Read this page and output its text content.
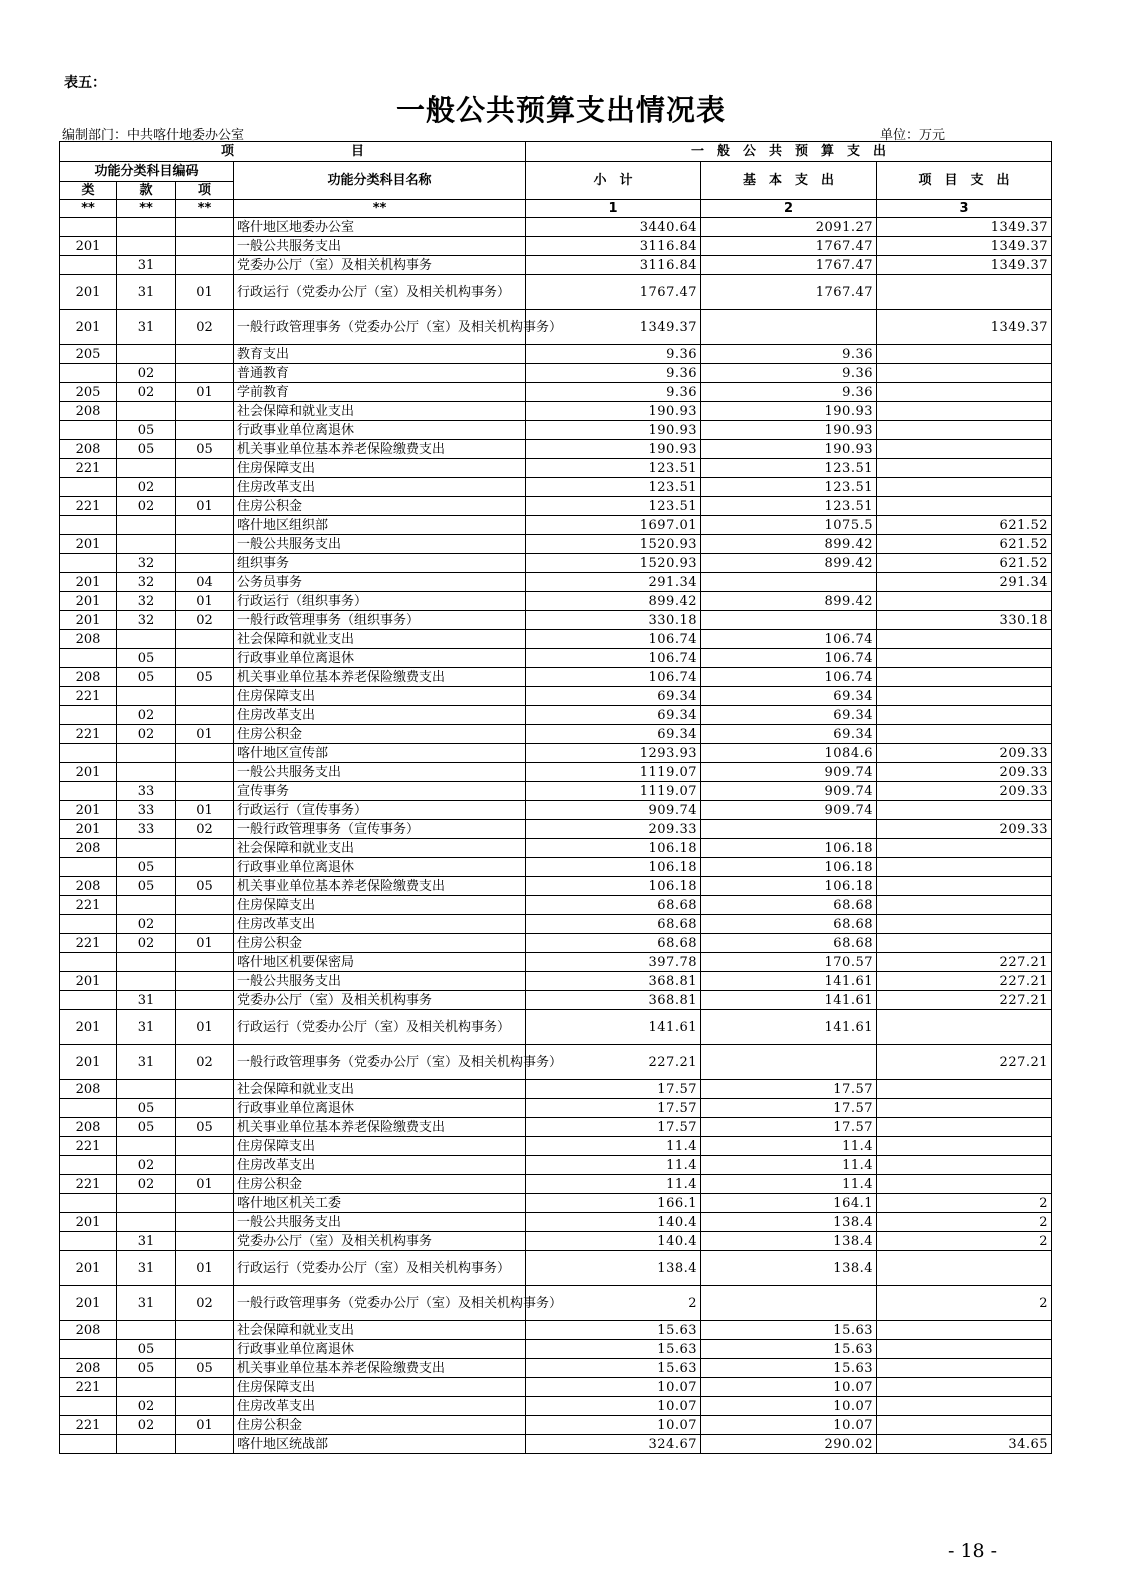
表五：
一般公共预算支出情况表
编制部门：中共喀什地委办公室	单位：万元
项　　　　　　　　　目				一　般　公　共　预　算　支　出		
功能分类科目编码			功能分类科目名称	小　计	基　本　支　出	项　目　支　出
类	款	项				
**	**	**	**	1	2	3
			喀什地区地委办公室	3440.64	2091.27	1349.37
201			一般公共服务支出	3116.84	1767.47	1349.37
	31		党委办公厅（室）及相关机构事务	3116.84	1767.47	1349.37
201	31	01	行政运行（党委办公厅（室）及相关机构事务）	1767.47	1767.47	
201	31	02	一般行政管理事务（党委办公厅（室）及相关机构事务）	1349.37		1349.37
205			教育支出	9.36	9.36	
	02		普通教育	9.36	9.36	
205	02	01	学前教育	9.36	9.36	
208			社会保障和就业支出	190.93	190.93	
	05		行政事业单位离退休	190.93	190.93	
208	05	05	机关事业单位基本养老保险缴费支出	190.93	190.93	
221			住房保障支出	123.51	123.51	
	02		住房改革支出	123.51	123.51	
221	02	01	住房公积金	123.51	123.51	
			喀什地区组织部	1697.01	1075.5	621.52
201			一般公共服务支出	1520.93	899.42	621.52
	32		组织事务	1520.93	899.42	621.52
201	32	04	公务员事务	291.34		291.34
201	32	01	行政运行（组织事务）	899.42	899.42	
201	32	02	一般行政管理事务（组织事务）	330.18		330.18
208			社会保障和就业支出	106.74	106.74	
	05		行政事业单位离退休	106.74	106.74	
208	05	05	机关事业单位基本养老保险缴费支出	106.74	106.74	
221			住房保障支出	69.34	69.34	
	02		住房改革支出	69.34	69.34	
221	02	01	住房公积金	69.34	69.34	
			喀什地区宣传部	1293.93	1084.6	209.33
201			一般公共服务支出	1119.07	909.74	209.33
	33		宣传事务	1119.07	909.74	209.33
201	33	01	行政运行（宣传事务）	909.74	909.74	
201	33	02	一般行政管理事务（宣传事务）	209.33		209.33
208			社会保障和就业支出	106.18	106.18	
	05		行政事业单位离退休	106.18	106.18	
208	05	05	机关事业单位基本养老保险缴费支出	106.18	106.18	
221			住房保障支出	68.68	68.68	
	02		住房改革支出	68.68	68.68	
221	02	01	住房公积金	68.68	68.68	
			喀什地区机要保密局	397.78	170.57	227.21
201			一般公共服务支出	368.81	141.61	227.21
	31		党委办公厅（室）及相关机构事务	368.81	141.61	227.21
201	31	01	行政运行（党委办公厅（室）及相关机构事务）	141.61	141.61	
201	31	02	一般行政管理事务（党委办公厅（室）及相关机构事务）	227.21		227.21
208			社会保障和就业支出	17.57	17.57	
	05		行政事业单位离退休	17.57	17.57	
208	05	05	机关事业单位基本养老保险缴费支出	17.57	17.57	
221			住房保障支出	11.4	11.4	
	02		住房改革支出	11.4	11.4	
221	02	01	住房公积金	11.4	11.4	
			喀什地区机关工委	166.1	164.1	2
201			一般公共服务支出	140.4	138.4	2
	31		党委办公厅（室）及相关机构事务	140.4	138.4	2
201	31	01	行政运行（党委办公厅（室）及相关机构事务）	138.4	138.4	
201	31	02	一般行政管理事务（党委办公厅（室）及相关机构事务）	2		2
208			社会保障和就业支出	15.63	15.63	
	05		行政事业单位离退休	15.63	15.63	
208	05	05	机关事业单位基本养老保险缴费支出	15.63	15.63	
221			住房保障支出	10.07	10.07	
	02		住房改革支出	10.07	10.07	
221	02	01	住房公积金	10.07	10.07	
			喀什地区统战部	324.67	290.02	34.65
- 18 -
